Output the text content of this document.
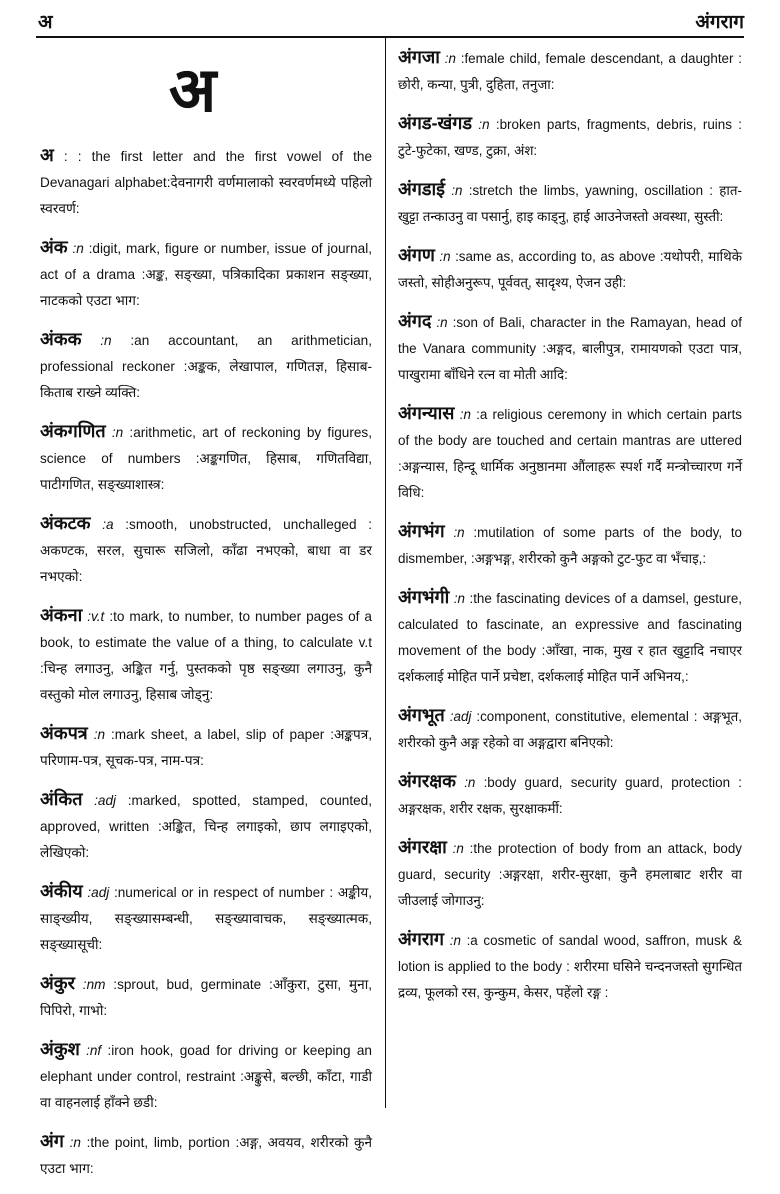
अ	अंगराग
अ

अ : : the first letter and the first vowel of the Devanagari alphabet:देवनागरी वर्णमालाको स्वरवर्णमध्ये पहिलो स्वरवर्ण:

अंक :n :digit, mark, figure or number, issue of journal, act of a drama :अङ्क, सङ्ख्या, पत्रिकादिका प्रकाशन सङ्ख्या, नाटकको एउटा भाग:

अंकक :n :an accountant, an arithmetician, professional reckoner :अङ्कक, लेखापाल, गणितज्ञ, हिसाब-किताब राख्ने व्यक्ति:

अंकगणित :n :arithmetic, art of reckoning by figures, science of numbers :अङ्कगणित, हिसाब, गणितविद्या, पाटीगणित, सङ्ख्याशास्त्र:

अंकटक :a :smooth, unobstructed, unchalleged : अकण्टक, सरल, सुचारू सजिलो, काँढा नभएको, बाधा वा डर नभएको:

अंकना :v.t :to mark, to number, to number pages of a book, to estimate the value of a thing, to calculate v.t :चिन्ह लगाउनु, अङ्कित गर्नु, पुस्तकको पृष्ठ सङ्ख्या लगाउनु, कुनै वस्तुको मोल लगाउनु, हिसाब जोड्नु:

अंकपत्र :n :mark sheet, a label, slip of paper :अङ्कपत्र, परिणाम-पत्र, सूचक-पत्र, नाम-पत्र:

अंकित :adj :marked, spotted, stamped, counted, approved, written :अङ्कित, चिन्ह लगाइको, छाप लगाइएको, लेखिएको:

अंकीय :adj :numerical or in respect of number : अङ्कीय, साङ्ख्यीय, सङ्ख्यासम्बन्धी, सङ्ख्यावाचक, सङ्ख्यात्मक, सङ्ख्यासूची:

अंकुर :nm :sprout, bud, germinate :आँकुरा, टुसा, मुना, पिपिरो, गाभो:

अंकुश :nf :iron hook, goad for driving or keeping an elephant under control, restraint :अङ्कुसे, बल्छी, काँटा, गाडी वा वाहनलाई हाँक्ने छडी:

अंग :n :the point, limb, portion :अङ्ग, अवयव, शरीरको कुनै एउटा भाग:

अंगजा :n :female child, female descendant, a daughter : छोरी, कन्या, पुत्री, दुहिता, तनुजा:

अंगड-खंगड :n :broken parts, fragments, debris, ruins : टुटे-फुटेका, खण्ड, टुक्रा, अंश:

अंगडाई :n :stretch the limbs, yawning, oscillation : हात-खुट्टा तन्काउनु वा पसार्नु, हाइ काड्नु, हाई आउनेजस्तो अवस्था, सुस्ती:

अंगण :n :same as, according to, as above :यथोपरी, माथिके जस्तो, सोहीअनुरूप, पूर्ववत्, सादृश्य, ऐजन उही:

अंगद :n :son of Bali, character in the Ramayan, head of the Vanara community :अङ्गद, बालीपुत्र, रामायणको एउटा पात्र, पाखुरामा बाँधिने रत्न वा मोती आदि:

अंगन्यास :n :a religious ceremony in which certain parts of the body are touched and certain mantras are uttered :अङ्गन्यास, हिन्दू धार्मिक अनुष्ठानमा औंलाहरू स्पर्श गर्दै मन्त्रोच्चारण गर्ने विधि:

अंगभंग :n :mutilation of some parts of the body, to dismember, :अङ्गभङ्ग, शरीरको कुनै अङ्गको टुट-फुट वा भँचाइ,:

अंगभंगी :n :the fascinating devices of a damsel, gesture, calculated to fascinate, an expressive and fascinating movement of the body :आँखा, नाक, मुख र हात खुट्टादि नचाएर दर्शकलाई मोहित पार्ने प्रचेष्टा, दर्शकलाई मोहित पार्ने अभिनय,:

अंगभूत :adj :component, constitutive, elemental : अङ्गभूत, शरीरको कुनै अङ्ग रहेको वा अङ्गद्वारा बनिएको:

अंगरक्षक :n :body guard, security guard, protection : अङ्गरक्षक, शरीर रक्षक, सुरक्षाकर्मी:

अंगरक्षा :n :the protection of body from an attack, body guard, security :अङ्गरक्षा, शरीर-सुरक्षा, कुनै हमलाबाट शरीर वा जीउलाई जोगाउनु:

अंगराग :n :a cosmetic of sandal wood, saffron, musk & lotion is applied to the body : शरीरमा घसिने चन्दनजस्तो सुगन्धित द्रव्य, फूलको रस, कुन्कुम, केसर, पहेंलो रङ्ग :
